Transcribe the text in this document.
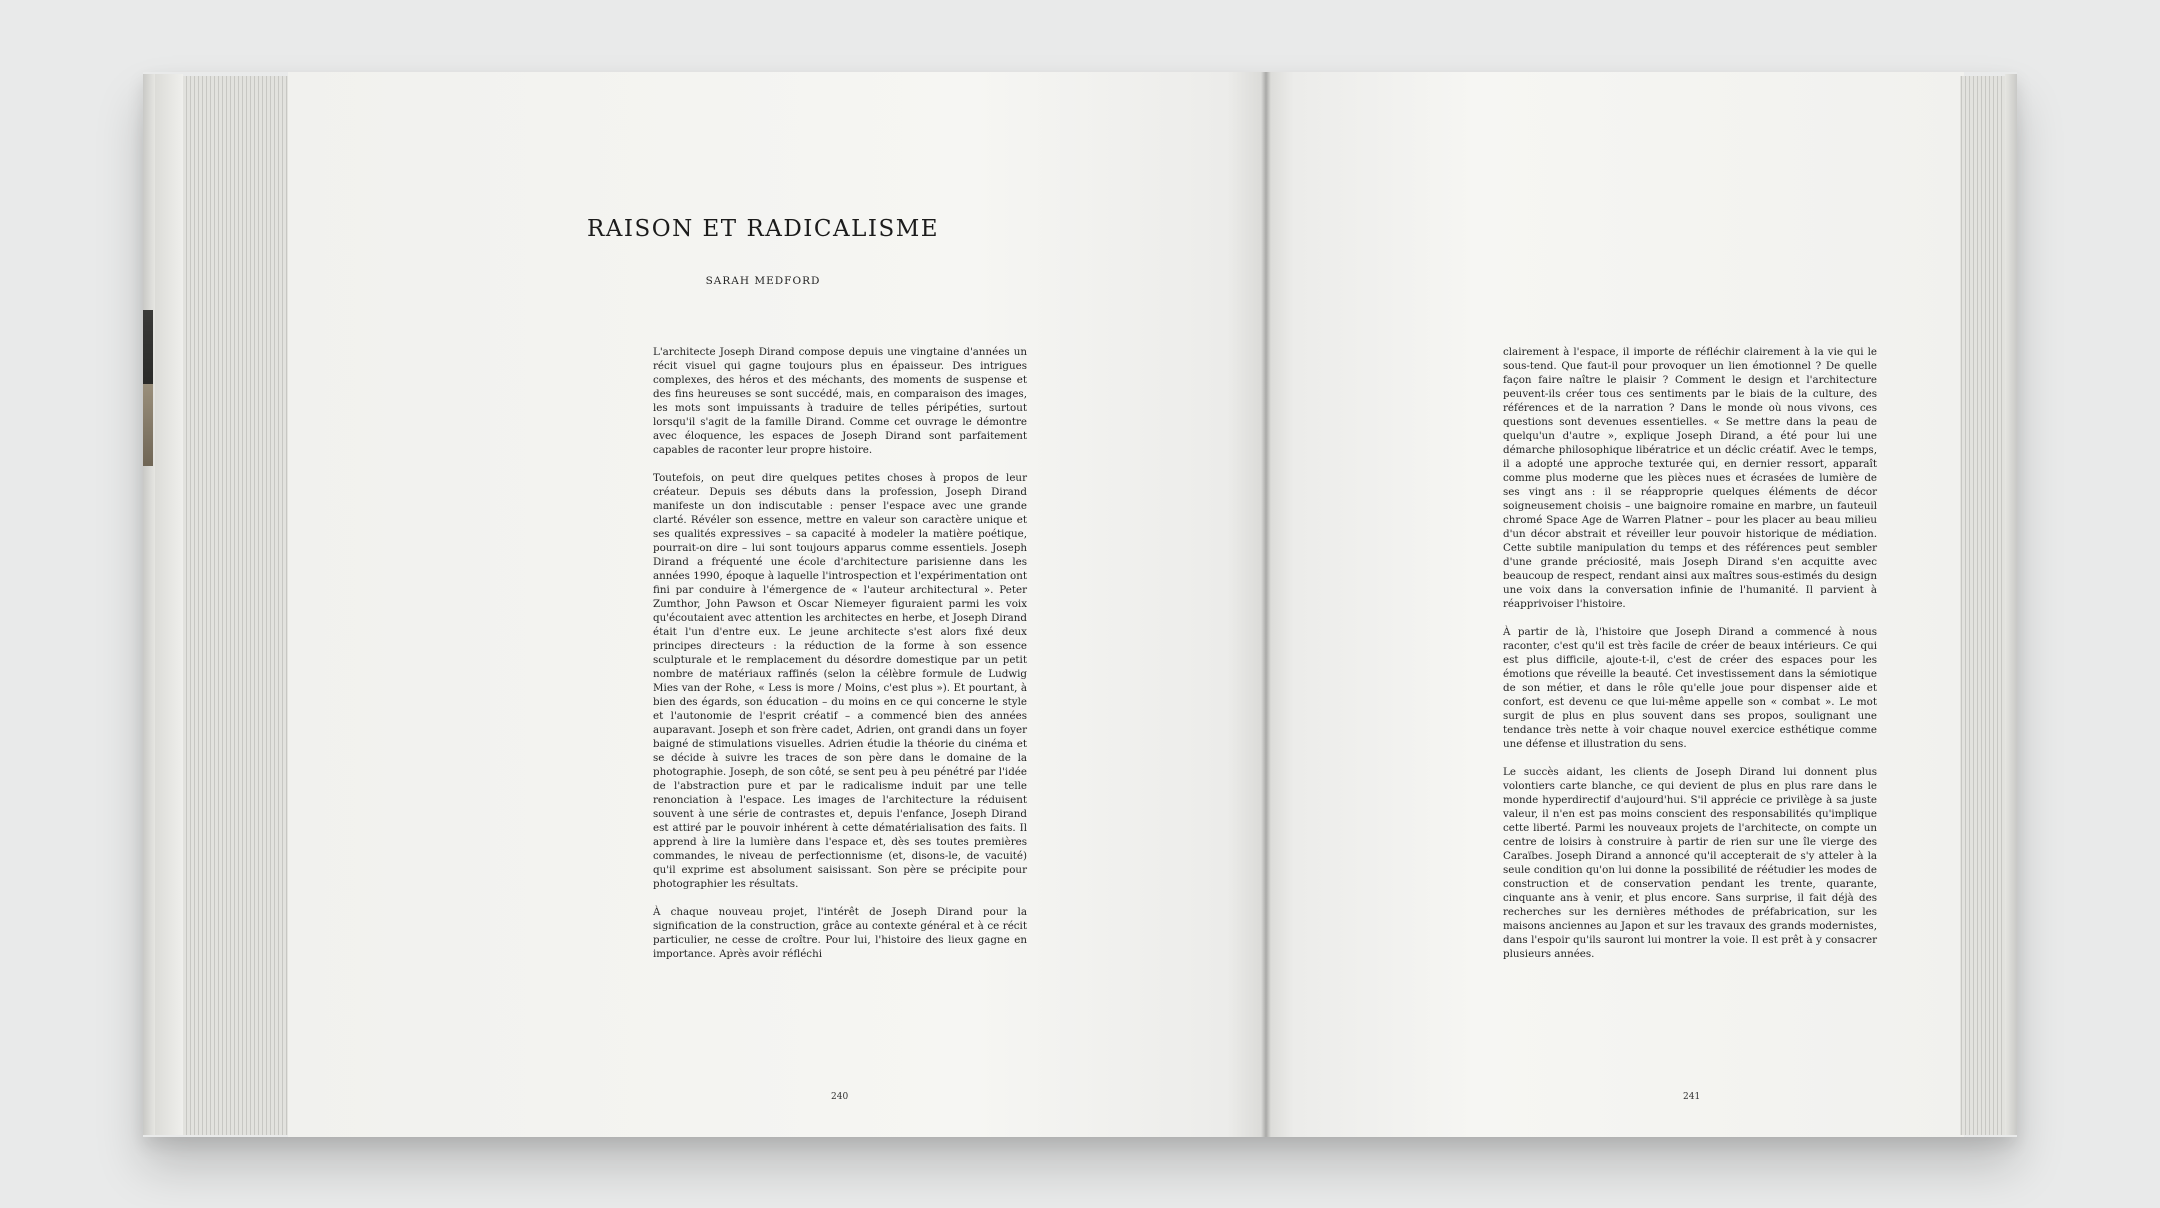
RAISON ET RADICALISME
SARAH MEDFORD

L'architecte Joseph Dirand compose depuis une vingtaine d'années un récit visuel qui gagne toujours plus en épaisseur. Des intrigues complexes, des héros et des méchants, des moments de suspense et des fins heureuses se sont succédé, mais, en comparaison des images, les mots sont impuissants à traduire de telles péripéties, surtout lorsqu'il s'agit de la famille Dirand. Comme cet ouvrage le démontre avec éloquence, les espaces de Joseph Dirand sont parfaitement capables de raconter leur propre histoire.

Toutefois, on peut dire quelques petites choses à propos de leur créateur. Depuis ses débuts dans la profession, Joseph Dirand manifeste un don indiscutable : penser l'espace avec une grande clarté. Révéler son essence, mettre en valeur son caractère unique et ses qualités expressives – sa capacité à modeler la matière poétique, pourrait-on dire – lui sont toujours apparus comme essentiels. Joseph Dirand a fréquenté une école d'architecture parisienne dans les années 1990, époque à laquelle l'introspection et l'expérimentation ont fini par conduire à l'émergence de « l'auteur architectural ». Peter Zumthor, John Pawson et Oscar Niemeyer figuraient parmi les voix qu'écoutaient avec attention les architectes en herbe, et Joseph Dirand était l'un d'entre eux. Le jeune architecte s'est alors fixé deux principes directeurs : la réduction de la forme à son essence sculpturale et le remplacement du désordre domestique par un petit nombre de matériaux raffinés (selon la célèbre formule de Ludwig Mies van der Rohe, « Less is more / Moins, c'est plus »). Et pourtant, à bien des égards, son éducation – du moins en ce qui concerne le style et l'autonomie de l'esprit créatif – a commencé bien des années auparavant. Joseph et son frère cadet, Adrien, ont grandi dans un foyer baigné de stimulations visuelles. Adrien étudie la théorie du cinéma et se décide à suivre les traces de son père dans le domaine de la photographie. Joseph, de son côté, se sent peu à peu pénétré par l'idée de l'abstraction pure et par le radicalisme induit par une telle renonciation à l'espace. Les images de l'architecture la réduisent souvent à une série de contrastes et, depuis l'enfance, Joseph Dirand est attiré par le pouvoir inhérent à cette dématérialisation des faits. Il apprend à lire la lumière dans l'espace et, dès ses toutes premières commandes, le niveau de perfectionnisme (et, disons-le, de vacuité) qu'il exprime est absolument saisissant. Son père se précipite pour photographier les résultats.

À chaque nouveau projet, l'intérêt de Joseph Dirand pour la signification de la construction, grâce au contexte général et à ce récit particulier, ne cesse de croître. Pour lui, l'histoire des lieux gagne en importance. Après avoir réfléchi

240

clairement à l'espace, il importe de réfléchir clairement à la vie qui le sous-tend. Que faut-il pour provoquer un lien émotionnel ? De quelle façon faire naître le plaisir ? Comment le design et l'architecture peuvent-ils créer tous ces sentiments par le biais de la culture, des références et de la narration ? Dans le monde où nous vivons, ces questions sont devenues essentielles. « Se mettre dans la peau de quelqu'un d'autre », explique Joseph Dirand, a été pour lui une démarche philosophique libératrice et un déclic créatif. Avec le temps, il a adopté une approche texturée qui, en dernier ressort, apparaît comme plus moderne que les pièces nues et écrasées de lumière de ses vingt ans : il se réapproprie quelques éléments de décor soigneusement choisis – une baignoire romaine en marbre, un fauteuil chromé Space Age de Warren Platner – pour les placer au beau milieu d'un décor abstrait et réveiller leur pouvoir historique de médiation. Cette subtile manipulation du temps et des références peut sembler d'une grande préciosité, mais Joseph Dirand s'en acquitte avec beaucoup de respect, rendant ainsi aux maîtres sous-estimés du design une voix dans la conversation infinie de l'humanité. Il parvient à réapprivoiser l'histoire.

À partir de là, l'histoire que Joseph Dirand a commencé à nous raconter, c'est qu'il est très facile de créer de beaux intérieurs. Ce qui est plus difficile, ajoute-t-il, c'est de créer des espaces pour les émotions que réveille la beauté. Cet investissement dans la sémiotique de son métier, et dans le rôle qu'elle joue pour dispenser aide et confort, est devenu ce que lui-même appelle son « combat ». Le mot surgit de plus en plus souvent dans ses propos, soulignant une tendance très nette à voir chaque nouvel exercice esthétique comme une défense et illustration du sens.

Le succès aidant, les clients de Joseph Dirand lui donnent plus volontiers carte blanche, ce qui devient de plus en plus rare dans le monde hyperdirectif d'aujourd'hui. S'il apprécie ce privilège à sa juste valeur, il n'en est pas moins conscient des responsabilités qu'implique cette liberté. Parmi les nouveaux projets de l'architecte, on compte un centre de loisirs à construire à partir de rien sur une île vierge des Caraïbes. Joseph Dirand a annoncé qu'il accepterait de s'y atteler à la seule condition qu'on lui donne la possibilité de réétudier les modes de construction et de conservation pendant les trente, quarante, cinquante ans à venir, et plus encore. Sans surprise, il fait déjà des recherches sur les dernières méthodes de préfabrication, sur les maisons anciennes au Japon et sur les travaux des grands modernistes, dans l'espoir qu'ils sauront lui montrer la voie. Il est prêt à y consacrer plusieurs années.

241
